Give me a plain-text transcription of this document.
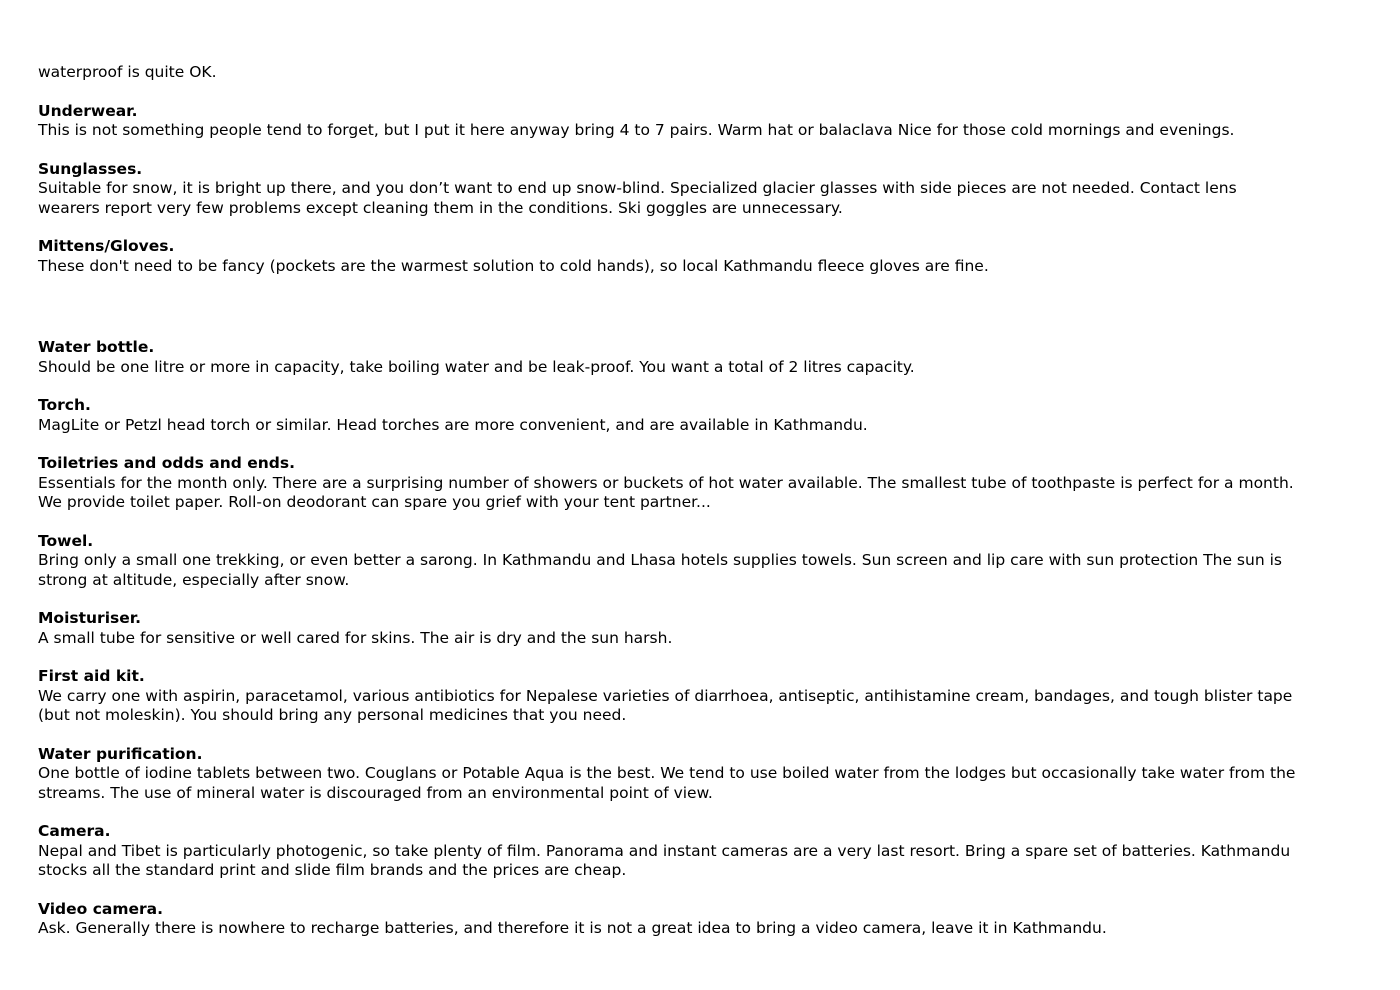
waterproof is quite OK.

Underwear.

This is not something people tend to forget, but I put it here anyway bring 4 to 7 pairs. Warm hat or balaclava Nice for those cold mornings and evenings.

Sunglasses.

Suitable for snow, it is bright up there, and you don’t want to end up snow-blind. Specialized glacier glasses with side pieces are not needed. Contact lens wearers report very few problems except cleaning them in the conditions. Ski goggles are unnecessary.

Mittens/Gloves.

These don't need to be fancy (pockets are the warmest solution to cold hands), so local Kathmandu fleece gloves are fine.

Water bottle.

Should be one litre or more in capacity, take boiling water and be leak-proof. You want a total of 2 litres capacity.

Torch.

MagLite or Petzl head torch or similar. Head torches are more convenient, and are available in Kathmandu.

Toiletries and odds and ends.

Essentials for the month only. There are a surprising number of showers or buckets of hot water available. The smallest tube of toothpaste is perfect for a month. We provide toilet paper. Roll-on deodorant can spare you grief with your tent partner...

Towel.

Bring only a small one trekking, or even better a sarong. In Kathmandu and Lhasa hotels supplies towels. Sun screen and lip care with sun protection The sun is strong at altitude, especially after snow.

Moisturiser.

A small tube for sensitive or well cared for skins. The air is dry and the sun harsh.

First aid kit.

We carry one with aspirin, paracetamol, various antibiotics for Nepalese varieties of diarrhoea, antiseptic, antihistamine cream, bandages, and tough blister tape (but not moleskin). You should bring any personal medicines that you need.

Water purification.

One bottle of iodine tablets between two. Couglans or Potable Aqua is the best. We tend to use boiled water from the lodges but occasionally take water from the streams. The use of mineral water is discouraged from an environmental point of view.

Camera.

Nepal and Tibet is particularly photogenic, so take plenty of film. Panorama and instant cameras are a very last resort. Bring a spare set of batteries. Kathmandu stocks all the standard print and slide film brands and the prices are cheap.

Video camera.

Ask. Generally there is nowhere to recharge batteries, and therefore it is not a great idea to bring a video camera, leave it in Kathmandu.
